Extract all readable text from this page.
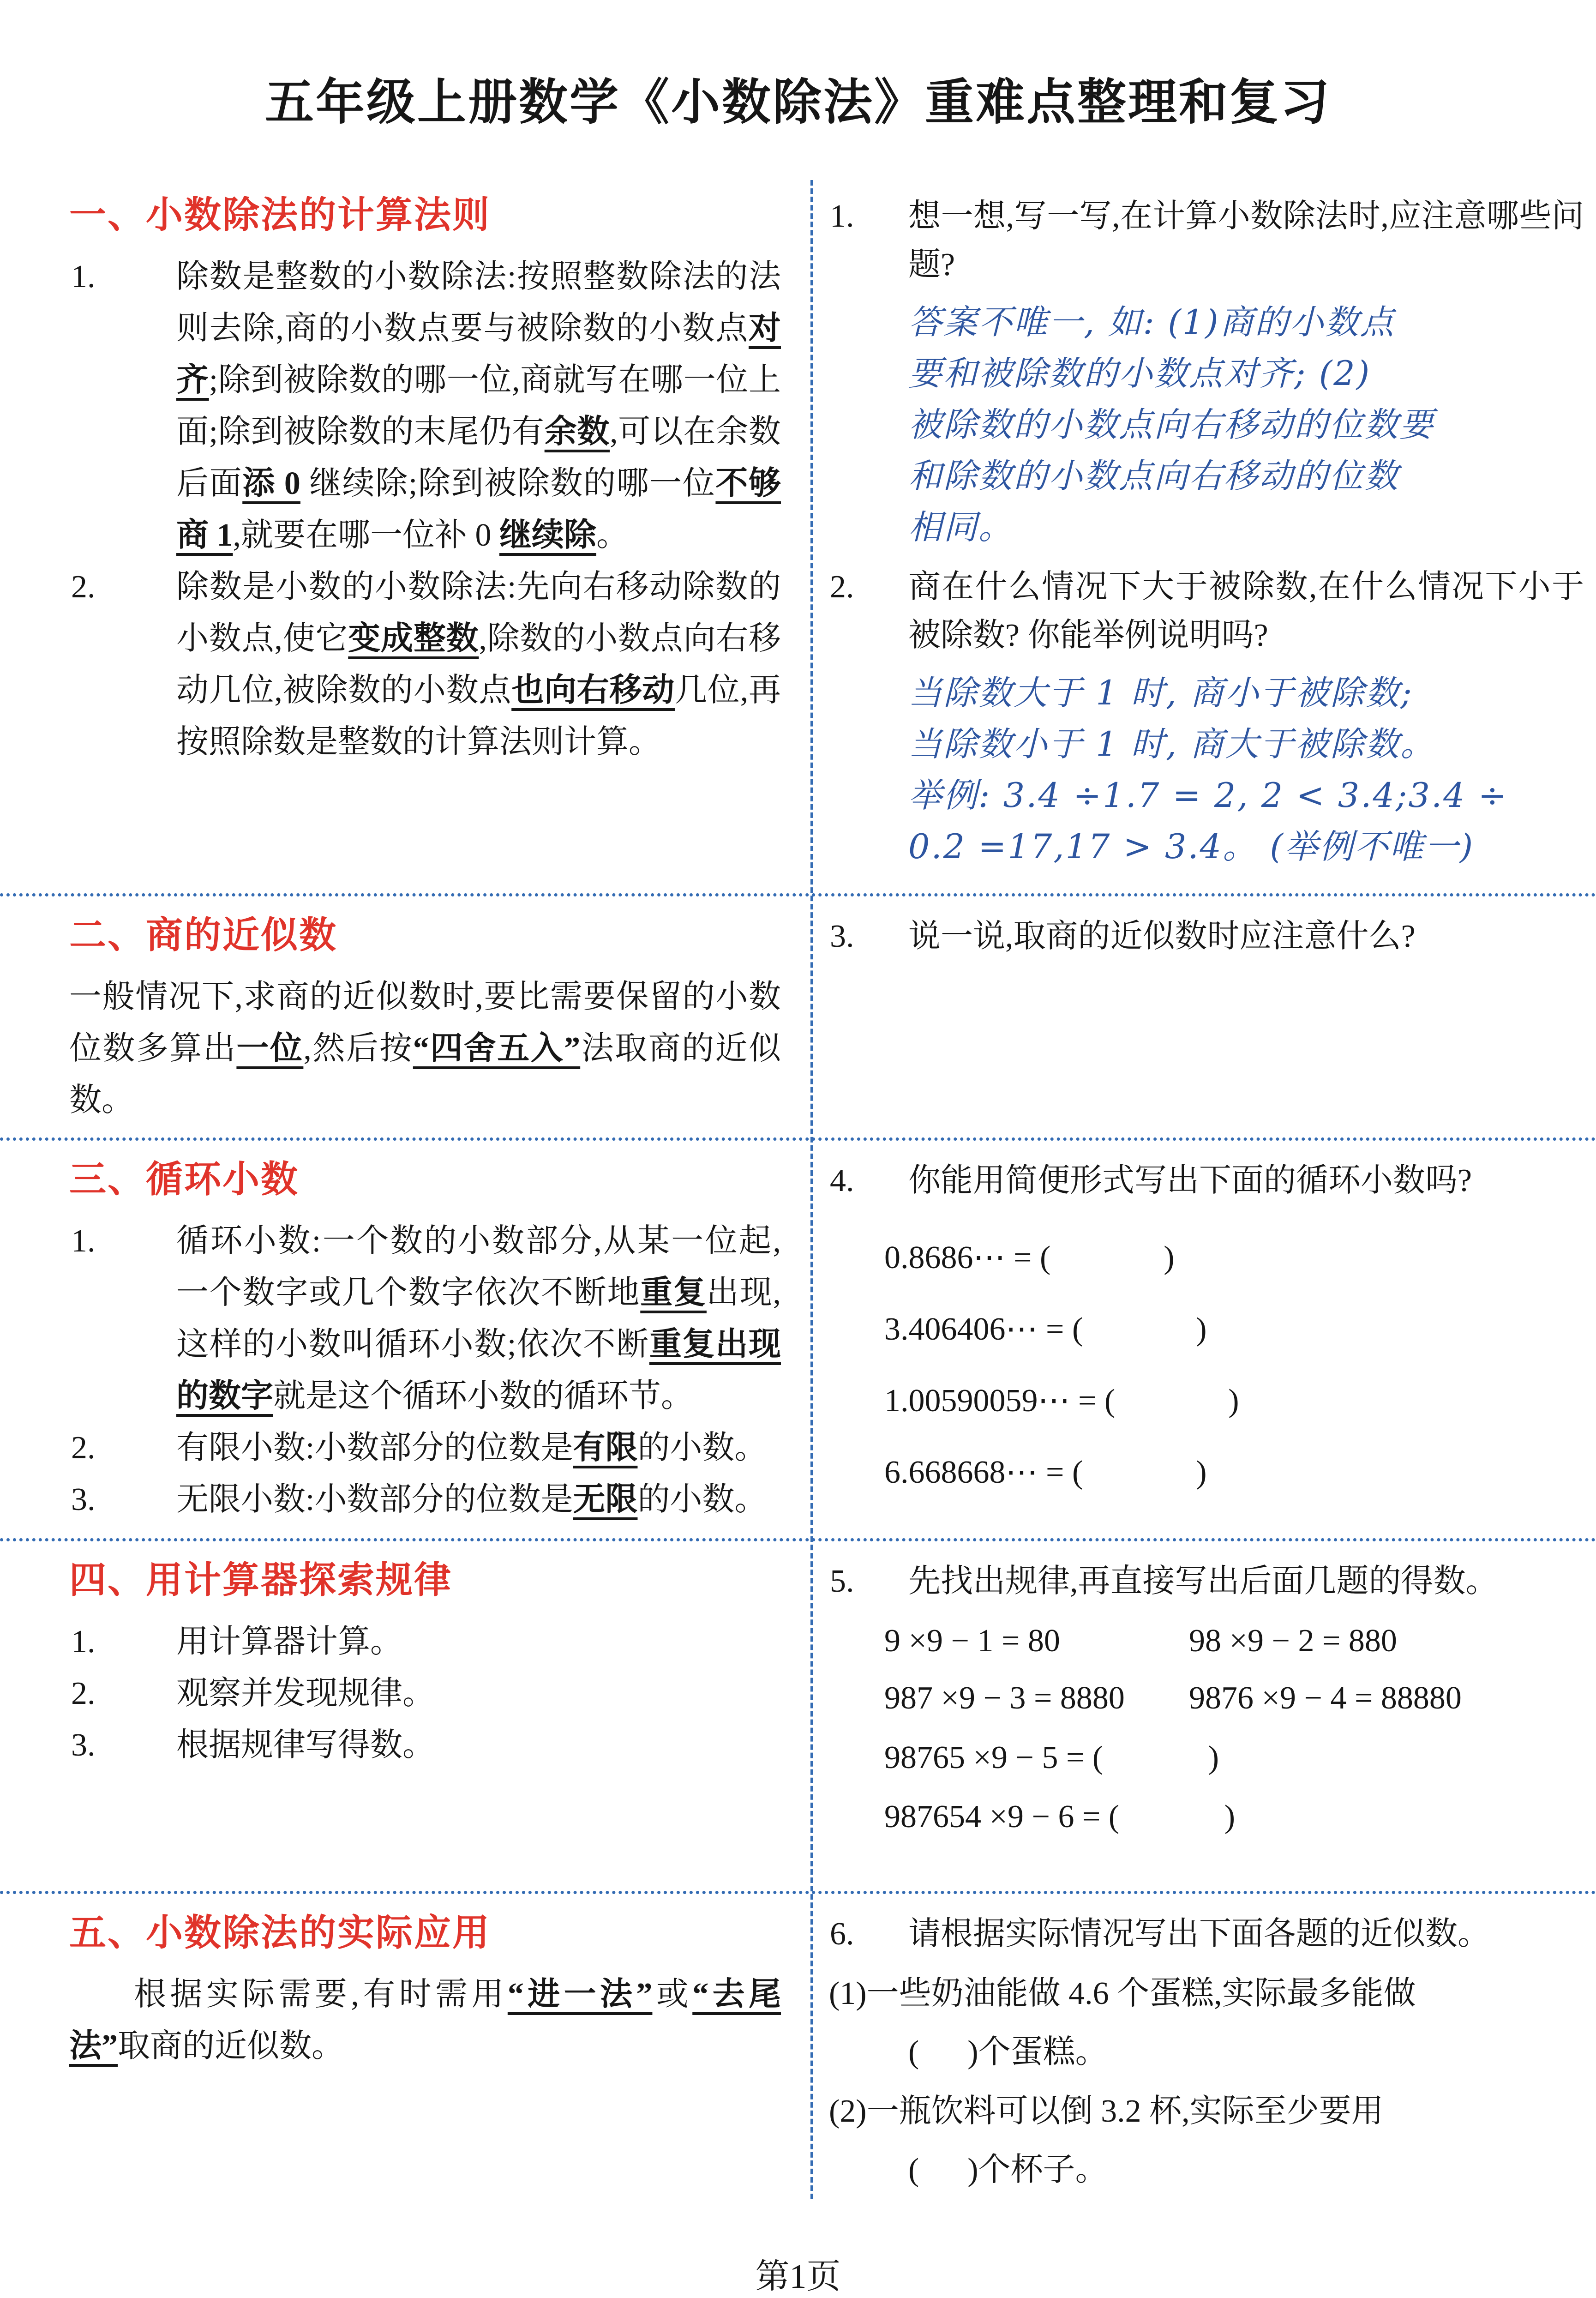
五年级上册数学《小数除法》重难点整理和复习
一、小数除法的计算法则
1.	除数是整数的小数除法:按照整数除法的法则去除,商的小数点要与被除数的小数点对齐;除到被除数的哪一位,商就写在哪一位上面;除到被除数的末尾仍有余数,可以在余数后面添 0 继续除;除到被除数的哪一位不够商 1,就要在哪一位补 0 继续除。
2.	除数是小数的小数除法:先向右移动除数的小数点,使它变成整数,除数的小数点向右移动几位,被除数的小数点也向右移动几位,再按照除数是整数的计算法则计算。
1. 想一想,写一写,在计算小数除法时,应注意哪些问题?
答案不唯一, 如: (1)商的小数点
要和被除数的小数点对齐; (2)
被除数的小数点向右移动的位数要
和除数的小数点向右移动的位数
相同。
2. 商在什么情况下大于被除数,在什么情况下小于被除数? 你能举例说明吗?
当除数大于 1 时, 商小于被除数;
当除数小于 1 时, 商大于被除数。
举例: 3.4 ÷1.7 = 2, 2 < 3.4;3.4 ÷
0.2 =17,17 > 3.4。 (举例不唯一)
二、商的近似数
一般情况下,求商的近似数时,要比需要保留的小数位数多算出一位,然后按“四舍五入”法取商的近似数。
3. 说一说,取商的近似数时应注意什么?
三、循环小数
1.	循环小数:一个数的小数部分,从某一位起,一个数字或几个数字依次不断地重复出现,这样的小数叫循环小数;依次不断重复出现的数字就是这个循环小数的循环节。
2.	有限小数:小数部分的位数是有限的小数。
3.	无限小数:小数部分的位数是无限的小数。
4. 你能用简便形式写出下面的循环小数吗?
0.8686⋯ = (              )
3.406406⋯ = (              )
1.00590059⋯ = (              )
6.668668⋯ = (              )
四、用计算器探索规律
1.	用计算器计算。
2.	观察并发现规律。
3.	根据规律写得数。
5. 先找出规律,再直接写出后面几题的得数。
9 ×9 − 1 = 80	98 ×9 − 2 = 880
987 ×9 − 3 = 8880	9876 ×9 − 4 = 88880
98765 ×9 − 5 = (             )
987654 ×9 − 6 = (             )
五、小数除法的实际应用
根据实际需要,有时需用“进一法”或“去尾法”取商的近似数。
6. 请根据实际情况写出下面各题的近似数。
(1)一些奶油能做 4.6 个蛋糕,实际最多能做
(      )个蛋糕。
(2)一瓶饮料可以倒 3.2 杯,实际至少要用
(      )个杯子。
第1页
